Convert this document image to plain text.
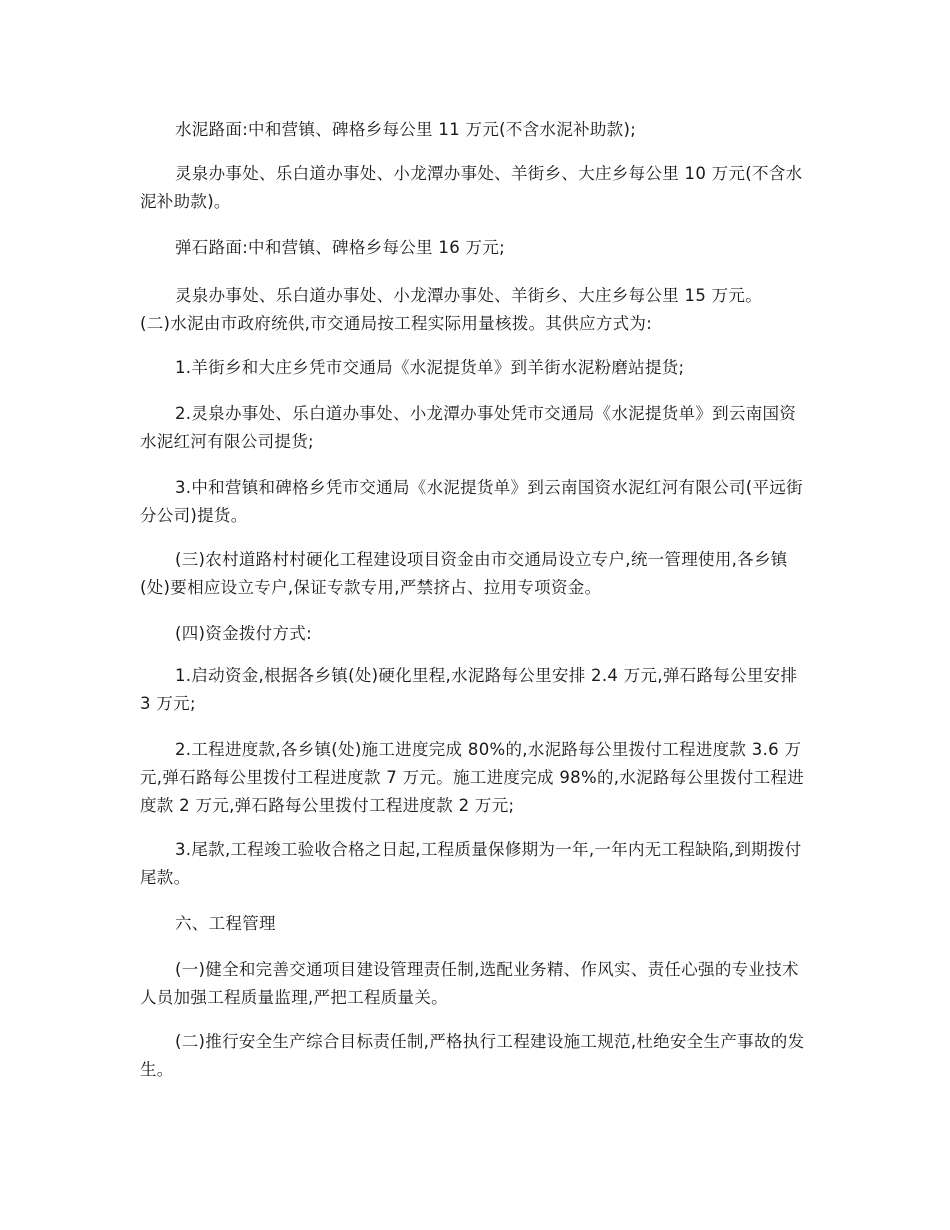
水泥路面:中和营镇、碑格乡每公里 11 万元(不含水泥补助款);

灵泉办事处、乐白道办事处、小龙潭办事处、羊街乡、大庄乡每公里 10 万元(不含水泥补助款)。

弹石路面:中和营镇、碑格乡每公里 16 万元;

灵泉办事处、乐白道办事处、小龙潭办事处、羊街乡、大庄乡每公里 15 万元。

(二)水泥由市政府统供,市交通局按工程实际用量核拨。其供应方式为:

1.羊街乡和大庄乡凭市交通局《水泥提货单》到羊街水泥粉磨站提货;

2.灵泉办事处、乐白道办事处、小龙潭办事处凭市交通局《水泥提货单》到云南国资水泥红河有限公司提货;

3.中和营镇和碑格乡凭市交通局《水泥提货单》到云南国资水泥红河有限公司(平远街分公司)提货。

(三)农村道路村村硬化工程建设项目资金由市交通局设立专户,统一管理使用,各乡镇(处)要相应设立专户,保证专款专用,严禁挤占、拉用专项资金。

(四)资金拨付方式:

1.启动资金,根据各乡镇(处)硬化里程,水泥路每公里安排 2.4 万元,弹石路每公里安排 3 万元;

2.工程进度款,各乡镇(处)施工进度完成 80%的,水泥路每公里拨付工程进度款 3.6 万元,弹石路每公里拨付工程进度款 7 万元。施工进度完成 98%的,水泥路每公里拨付工程进度款 2 万元,弹石路每公里拨付工程进度款 2 万元;

3.尾款,工程竣工验收合格之日起,工程质量保修期为一年,一年内无工程缺陷,到期拨付尾款。

六、工程管理

(一)健全和完善交通项目建设管理责任制,选配业务精、作风实、责任心强的专业技术人员加强工程质量监理,严把工程质量关。

(二)推行安全生产综合目标责任制,严格执行工程建设施工规范,杜绝安全生产事故的发生。
